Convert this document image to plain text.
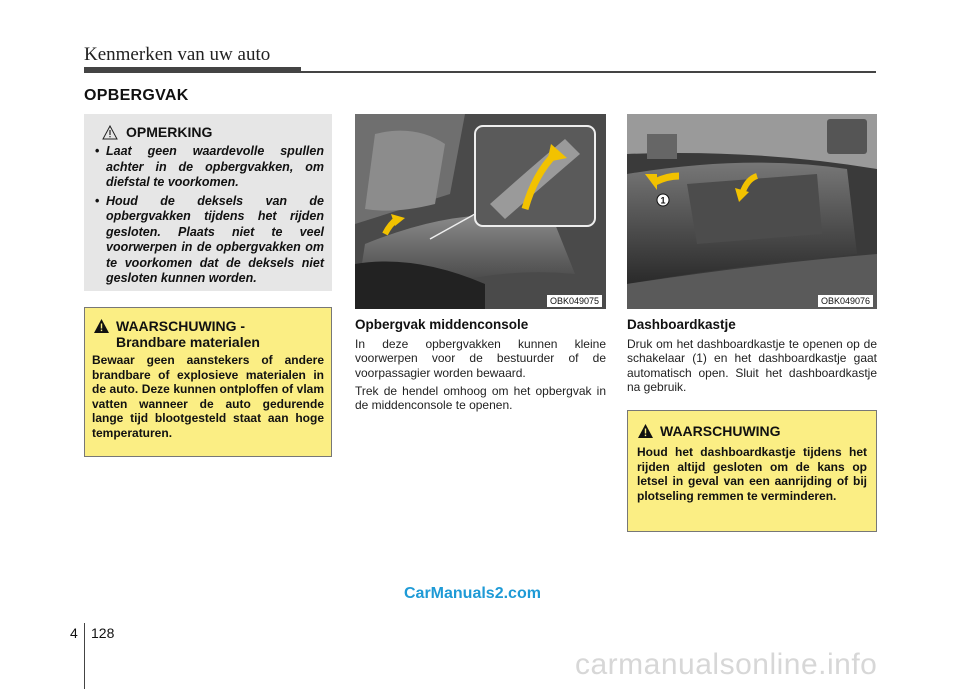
Kenmerken van uw auto
OPBERGVAK
OPMERKING
• Laat geen waardevolle spullen achter in de opbergvakken, om diefstal te voorkomen.
• Houd de deksels van de opbergvakken tijdens het rijden gesloten. Plaats niet te veel voorwerpen in de opbergvakken om te voorkomen dat de deksels niet gesloten kunnen worden.
WAARSCHUWING -
Brandbare materialen
Bewaar geen aanstekers of andere brandbare of explosieve materialen in de auto. Deze kunnen ontploffen of vlam vatten wanneer de auto gedurende lange tijd blootgesteld staat aan hoge temperaturen.
OBK049075
1
OBK049076
Opbergvak middenconsole
In deze opbergvakken kunnen kleine voorwerpen voor de bestuurder of de voorpassagier worden bewaard.
Trek de hendel omhoog om het opbergvak in de middenconsole te openen.
Dashboardkastje
Druk om het dashboardkastje te openen op de schakelaar (1) en het dashboardkastje gaat automatisch open. Sluit het dashboardkastje na gebruik.
WAARSCHUWING
Houd het dashboardkastje tijdens het rijden altijd gesloten om de kans op letsel in geval van een aanrijding of bij plotseling remmen te verminderen.
CarManuals2.com
4 128
carmanualsonline.info
